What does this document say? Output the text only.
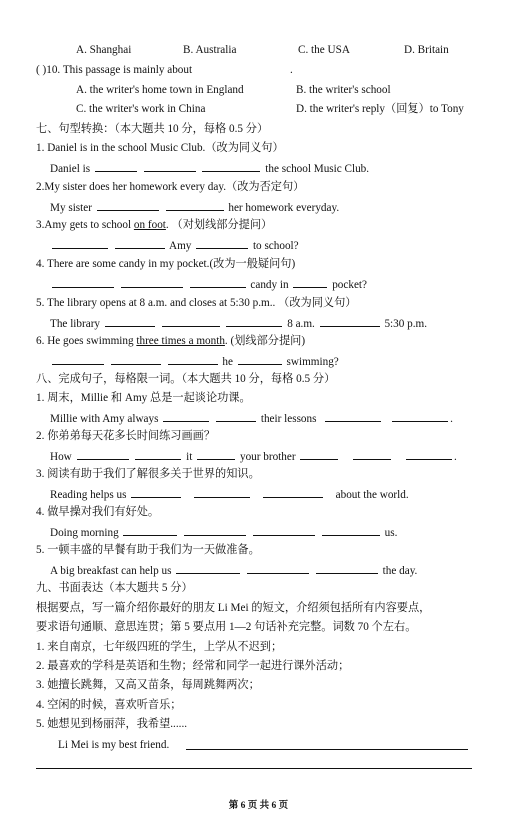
A. Shanghai	B. Australia	C. the USA	D. Britain
( )10. This passage is mainly about	.
A. the writer's home town in England	B. the writer's school
C. the writer's work in China	D. the writer's reply（回复）to Tony
七、句型转换：（本大题共 10 分，每格 0.5 分）
1. Daniel is in the school Music Club.（改为同义句）
Daniel is	the school Music Club.
2.My sister does her homework every day.（改为否定句）
My sister	her homework everyday.
3.Amy gets to school on foot. （对划线部分提问）
Amy	to school?
4. There are some candy in my pocket.(改为一般疑问句)
candy in	pocket?
5. The library opens at 8 a.m. and closes at 5:30 p.m.. （改为同义句）
The library	8 a.m.	5:30 p.m.
6. He goes swimming three times a month. (划线部分提问)
he	swimming?
八、完成句子，每格限一词。（本大题共 10 分，每格 0.5 分）
1. 周末，Millie 和 Amy 总是一起谈论功课。
Millie with Amy always	their lessons	.
2. 你弟弟每天花多长时间练习画画？
How	it	your brother	.
3. 阅读有助于我们了解很多关于世界的知识。
Reading helps us	about the world.
4. 做早操对我们有好处。
Doing morning	us.
5. 一顿丰盛的早餐有助于我们为一天做准备。
A big breakfast can help us	the day.
九、书面表达（本大题共 5 分）
根据要点，写一篇介绍你最好的朋友 Li Mei 的短文，介绍须包括所有内容要点，
要求语句通顺、意思连贯；第 5 要点用 1—2 句话补充完整。词数 70 个左右。
1. 来自南京，七年级四班的学生，上学从不迟到；
2. 最喜欢的学科是英语和生物；经常和同学一起进行课外活动；
3. 她擅长跳舞，又高又苗条，每周跳舞两次；
4. 空闲的时候，喜欢听音乐；
5. 她想见到杨丽萍，我希望......
Li Mei is my best friend.
第 6 页 共 6 页
